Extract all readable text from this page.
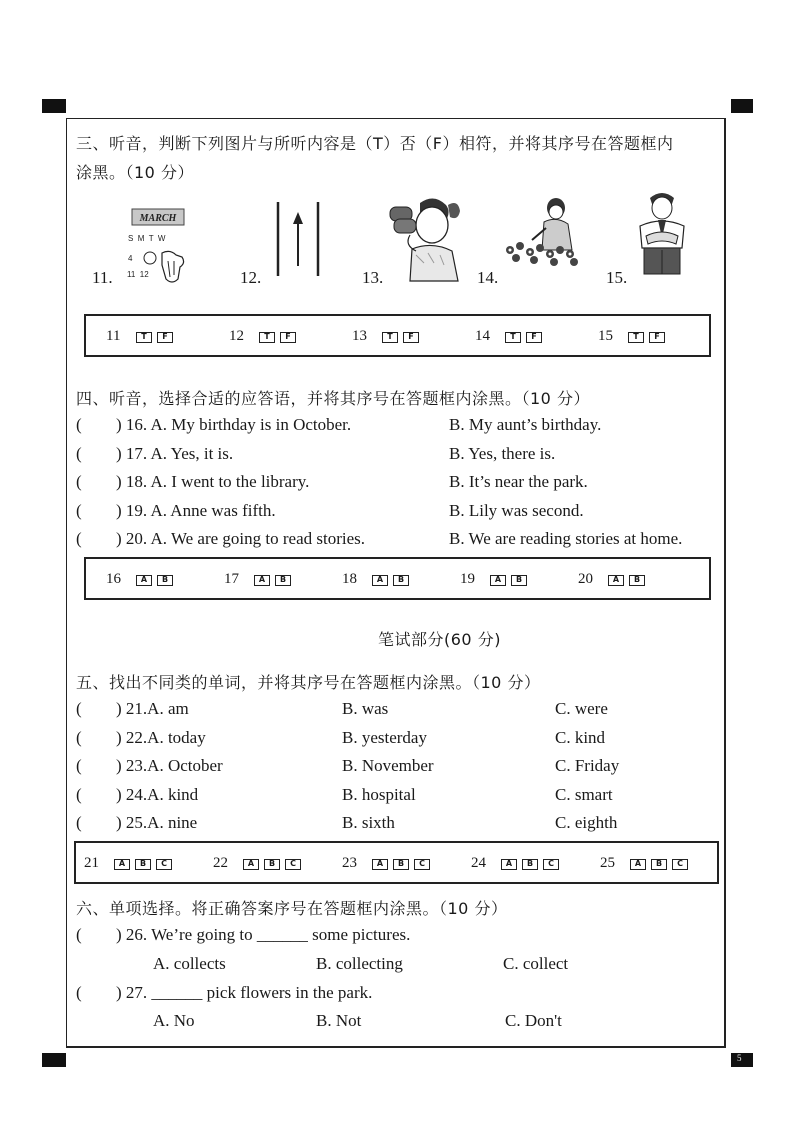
5
三、听音，判断下列图片与所听内容是（T）否（F）相符，并将其序号在答题框内
涂黑。（10 分）
11.
MARCH
S  M  T  W
4
11  12	12.	13.	14.	15.
11	T	F	12	T	F	13	T	F	14	T	F	15	T	F
四、听音，选择合适的应答语，并将其序号在答题框内涂黑。（10 分）
( ) 16. A. My birthday is in October.	B. My aunt’s birthday.
( ) 17. A. Yes, it is.	B. Yes, there is.
( ) 18. A. I went to the library.	B. It’s near the park.
( ) 19. A. Anne was fifth.	B. Lily was second.
( ) 20. A. We are going to read stories.	B. We are reading stories at home.
16	A	B	17	A	B	18	A	B	19	A	B	20	A	B
笔试部分(60 分)
五、找出不同类的单词，并将其序号在答题框内涂黑。（10 分）
( ) 21.A. am	B. was	C. were
( ) 22.A. today	B. yesterday	C. kind
( ) 23.A. October	B. November	C. Friday
( ) 24.A. kind	B. hospital	C. smart
( ) 25.A. nine	B. sixth	C. eighth
21	A	B	C	22	A	B	C	23	A	B	C	24	A	B	C	25	A	B	C
六、单项选择。将正确答案序号在答题框内涂黑。（10 分）
( ) 26. We’re going to ______ some pictures.
A. collects	B. collecting	C. collect
( ) 27. ______ pick flowers in the park.
A. No	B. Not	C. Don't
